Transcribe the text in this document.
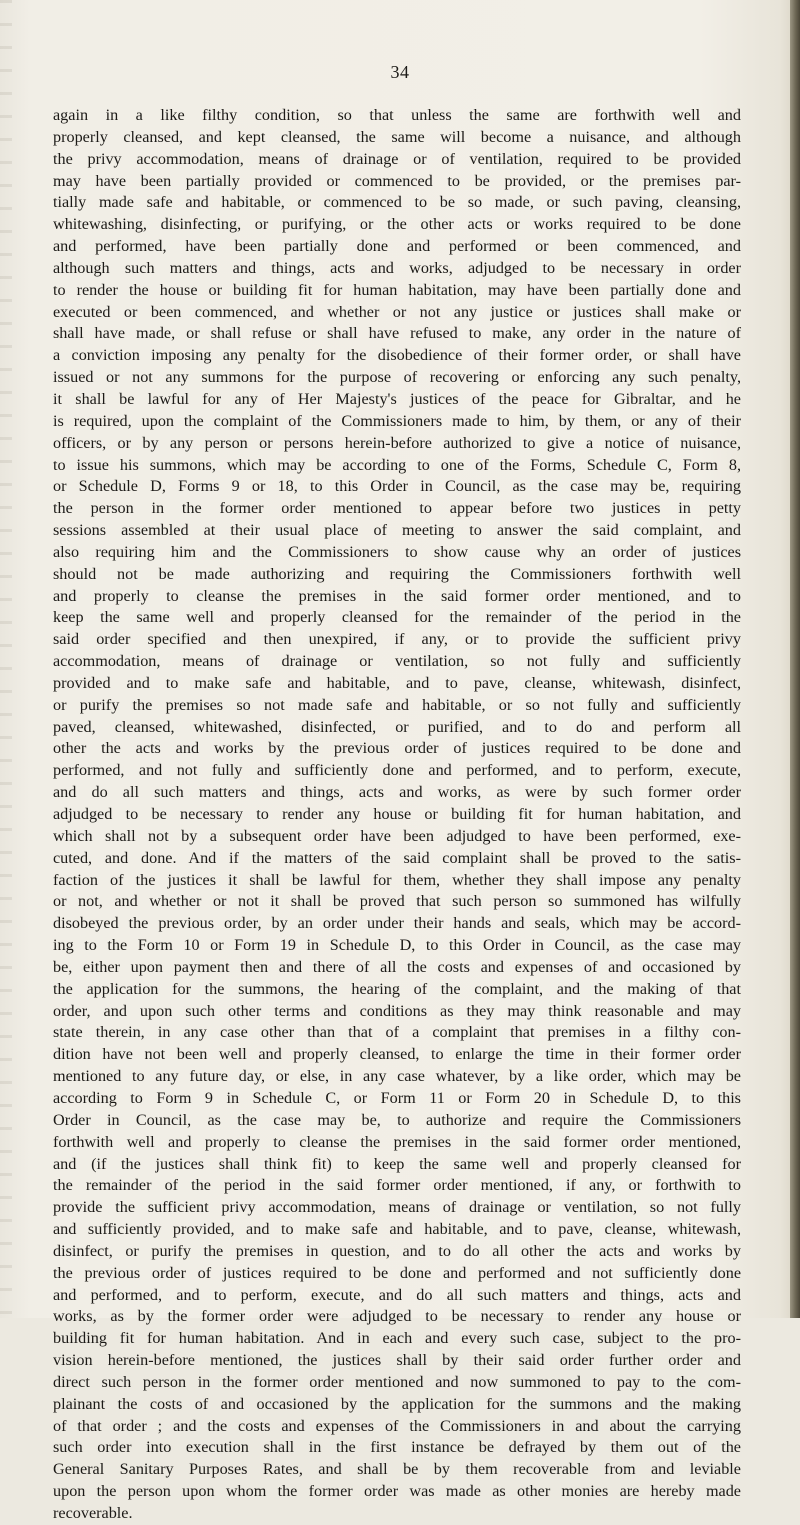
34
again in a like filthy condition, so that unless the same are forthwith well and
properly cleansed, and kept cleansed, the same will become a nuisance, and although
the privy accommodation, means of drainage or of ventilation, required to be provided
may have been partially provided or commenced to be provided, or the premises par-
tially made safe and habitable, or commenced to be so made, or such paving, cleansing,
whitewashing, disinfecting, or purifying, or the other acts or works required to be done
and performed, have been partially done and performed or been commenced, and
although such matters and things, acts and works, adjudged to be necessary in order
to render the house or building fit for human habitation, may have been partially done and
executed or been commenced, and whether or not any justice or justices shall make or
shall have made, or shall refuse or shall have refused to make, any order in the nature of
a conviction imposing any penalty for the disobedience of their former order, or shall have
issued or not any summons for the purpose of recovering or enforcing any such penalty,
it shall be lawful for any of Her Majesty's justices of the peace for Gibraltar, and he
is required, upon the complaint of the Commissioners made to him, by them, or any of their
officers, or by any person or persons herein-before authorized to give a notice of nuisance,
to issue his summons, which may be according to one of the Forms, Schedule C, Form 8,
or Schedule D, Forms 9 or 18, to this Order in Council, as the case may be, requiring
the person in the former order mentioned to appear before two justices in petty
sessions assembled at their usual place of meeting to answer the said complaint, and
also requiring him and the Commissioners to show cause why an order of justices
should not be made authorizing and requiring the Commissioners forthwith well
and properly to cleanse the premises in the said former order mentioned, and to
keep the same well and properly cleansed for the remainder of the period in the
said order specified and then unexpired, if any, or to provide the sufficient privy
accommodation, means of drainage or ventilation, so not fully and sufficiently
provided and to make safe and habitable, and to pave, cleanse, whitewash, disinfect,
or purify the premises so not made safe and habitable, or so not fully and sufficiently
paved, cleansed, whitewashed, disinfected, or purified, and to do and perform all
other the acts and works by the previous order of justices required to be done and
performed, and not fully and sufficiently done and performed, and to perform, execute,
and do all such matters and things, acts and works, as were by such former order
adjudged to be necessary to render any house or building fit for human habitation, and
which shall not by a subsequent order have been adjudged to have been performed, exe-
cuted, and done. And if the matters of the said complaint shall be proved to the satis-
faction of the justices it shall be lawful for them, whether they shall impose any penalty
or not, and whether or not it shall be proved that such person so summoned has wilfully
disobeyed the previous order, by an order under their hands and seals, which may be accord-
ing to the Form 10 or Form 19 in Schedule D, to this Order in Council, as the case may
be, either upon payment then and there of all the costs and expenses of and occasioned by
the application for the summons, the hearing of the complaint, and the making of that
order, and upon such other terms and conditions as they may think reasonable and may
state therein, in any case other than that of a complaint that premises in a filthy con-
dition have not been well and properly cleansed, to enlarge the time in their former order
mentioned to any future day, or else, in any case whatever, by a like order, which may be
according to Form 9 in Schedule C, or Form 11 or Form 20 in Schedule D, to this
Order in Council, as the case may be, to authorize and require the Commissioners
forthwith well and properly to cleanse the premises in the said former order mentioned,
and (if the justices shall think fit) to keep the same well and properly cleansed for
the remainder of the period in the said former order mentioned, if any, or forthwith to
provide the sufficient privy accommodation, means of drainage or ventilation, so not fully
and sufficiently provided, and to make safe and habitable, and to pave, cleanse, whitewash,
disinfect, or purify the premises in question, and to do all other the acts and works by
the previous order of justices required to be done and performed and not sufficiently done
and performed, and to perform, execute, and do all such matters and things, acts and
works, as by the former order were adjudged to be necessary to render any house or
building fit for human habitation. And in each and every such case, subject to the pro-
vision herein-before mentioned, the justices shall by their said order further order and
direct such person in the former order mentioned and now summoned to pay to the com-
plainant the costs of and occasioned by the application for the summons and the making
of that order ; and the costs and expenses of the Commissioners in and about the carrying
such order into execution shall in the first instance be defrayed by them out of the
General Sanitary Purposes Rates, and shall be by them recoverable from and leviable
upon the person upon whom the former order was made as other monies are hereby made
recoverable.
